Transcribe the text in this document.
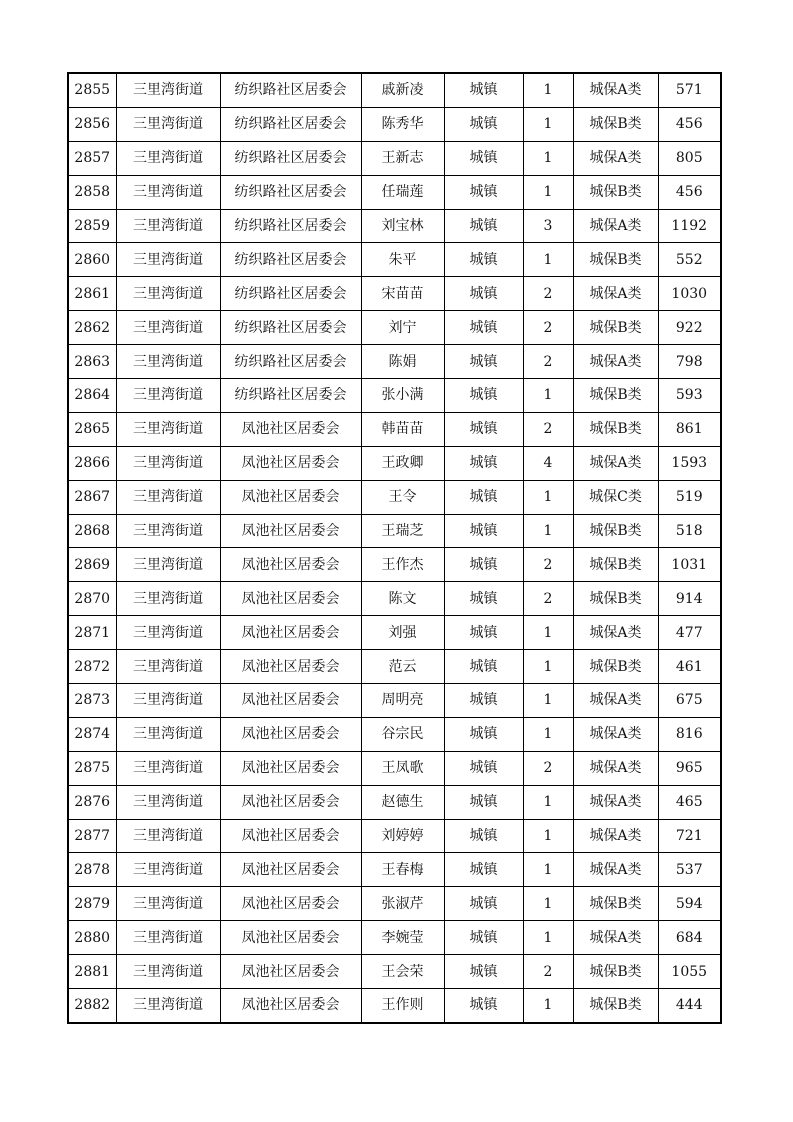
2855	三里湾街道	纺织路社区居委会	戚新凌	城镇	1	城保A类	571
2856	三里湾街道	纺织路社区居委会	陈秀华	城镇	1	城保B类	456
2857	三里湾街道	纺织路社区居委会	王新志	城镇	1	城保A类	805
2858	三里湾街道	纺织路社区居委会	任瑞莲	城镇	1	城保B类	456
2859	三里湾街道	纺织路社区居委会	刘宝林	城镇	3	城保A类	1192
2860	三里湾街道	纺织路社区居委会	朱平	城镇	1	城保B类	552
2861	三里湾街道	纺织路社区居委会	宋苗苗	城镇	2	城保A类	1030
2862	三里湾街道	纺织路社区居委会	刘宁	城镇	2	城保B类	922
2863	三里湾街道	纺织路社区居委会	陈娟	城镇	2	城保A类	798
2864	三里湾街道	纺织路社区居委会	张小满	城镇	1	城保B类	593
2865	三里湾街道	凤池社区居委会	韩苗苗	城镇	2	城保B类	861
2866	三里湾街道	凤池社区居委会	王政卿	城镇	4	城保A类	1593
2867	三里湾街道	凤池社区居委会	王令	城镇	1	城保C类	519
2868	三里湾街道	凤池社区居委会	王瑞芝	城镇	1	城保B类	518
2869	三里湾街道	凤池社区居委会	王作杰	城镇	2	城保B类	1031
2870	三里湾街道	凤池社区居委会	陈文	城镇	2	城保B类	914
2871	三里湾街道	凤池社区居委会	刘强	城镇	1	城保A类	477
2872	三里湾街道	凤池社区居委会	范云	城镇	1	城保B类	461
2873	三里湾街道	凤池社区居委会	周明亮	城镇	1	城保A类	675
2874	三里湾街道	凤池社区居委会	谷宗民	城镇	1	城保A类	816
2875	三里湾街道	凤池社区居委会	王凤歌	城镇	2	城保A类	965
2876	三里湾街道	凤池社区居委会	赵德生	城镇	1	城保A类	465
2877	三里湾街道	凤池社区居委会	刘婷婷	城镇	1	城保A类	721
2878	三里湾街道	凤池社区居委会	王春梅	城镇	1	城保A类	537
2879	三里湾街道	凤池社区居委会	张淑芹	城镇	1	城保B类	594
2880	三里湾街道	凤池社区居委会	李婉莹	城镇	1	城保A类	684
2881	三里湾街道	凤池社区居委会	王会荣	城镇	2	城保B类	1055
2882	三里湾街道	凤池社区居委会	王作则	城镇	1	城保B类	444
